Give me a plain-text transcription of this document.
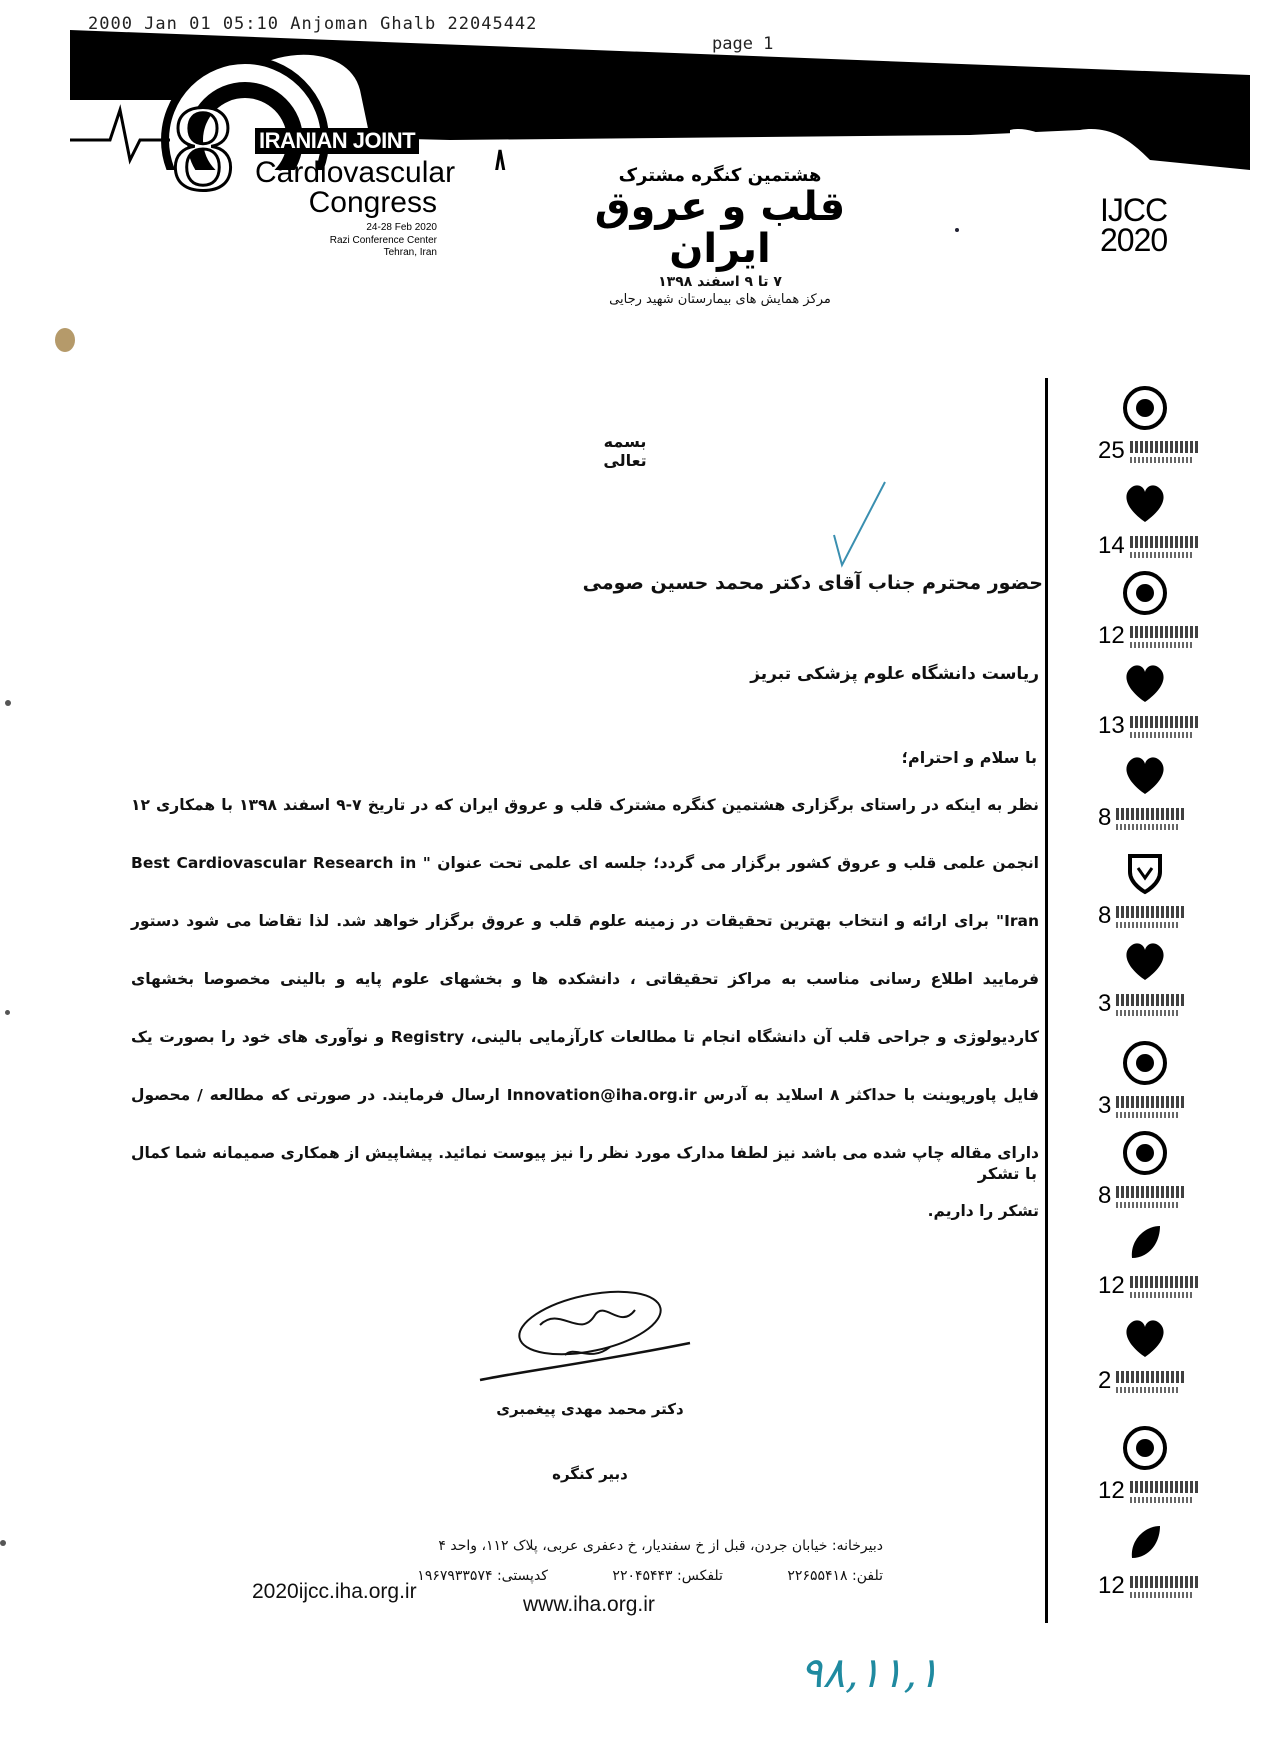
2000 Jan 01 05:10 Anjoman Ghalb 22045442
page 1
8 IRANIAN JOINT
Cardiovascular
Congress
24-28 Feb 2020
Razi Conference Center
Tehran, Iran
هشتمین کنگره مشترک
قلب و عروق ایران
۷ تا ۹ اسفند ۱۳۹۸
مرکز همایش های بیمارستان شهید رجایی
IJCC
2020
بسمه تعالی
حضور محترم جناب آقای دکتر محمد حسین صومی
ریاست دانشگاه علوم پزشکی تبریز
با سلام و احترام؛
نظر به اینکه در راستای برگزاری هشتمین کنگره مشترک قلب و عروق ایران که در تاریخ ۷-۹ اسفند ۱۳۹۸ با همکاری ۱۲ انجمن علمی قلب و عروق کشور برگزار می گردد؛ جلسه ای علمی تحت عنوان " Best Cardiovascular Research in Iran" برای ارائه و انتخاب بهترین تحقیقات در زمینه علوم قلب و عروق برگزار خواهد شد. لذا تقاضا می شود دستور فرمایید اطلاع رسانی مناسب به مراکز تحقیقاتی ، دانشکده ها و بخشهای علوم پایه و بالینی مخصوصا بخشهای کاردیولوژی و جراحی قلب آن دانشگاه انجام تا مطالعات کارآزمایی بالینی، Registry و نوآوری های خود را بصورت یک فایل پاورپوینت با حداکثر ۸ اسلاید به آدرس Innovation@iha.org.ir ارسال فرمایند. در صورتی که مطالعه / محصول دارای مقاله چاپ شده می باشد نیز لطفا مدارک مورد نظر را نیز پیوست نمائید. پیشاپیش از همکاری صمیمانه شما کمال تشکر را داریم.
با تشکر
دکتر محمد مهدی پیغمبری
دبیر کنگره
دبیرخانه: خیابان جردن، قبل از خ سفندیار، خ دعفری عربی، پلاک ۱۱۲، واحد ۴
تلفن: ۲۲۶۵۵۴۱۸ تلفکس: ۲۲۰۴۵۴۴۳ کدپستی: ۱۹۶۷۹۳۳۵۷۴
2020ijcc.iha.org.ir
www.iha.org.ir
۹۸,۱۱,۱
25
14
12
13
8
8
3
3
8
12
2
12
12
